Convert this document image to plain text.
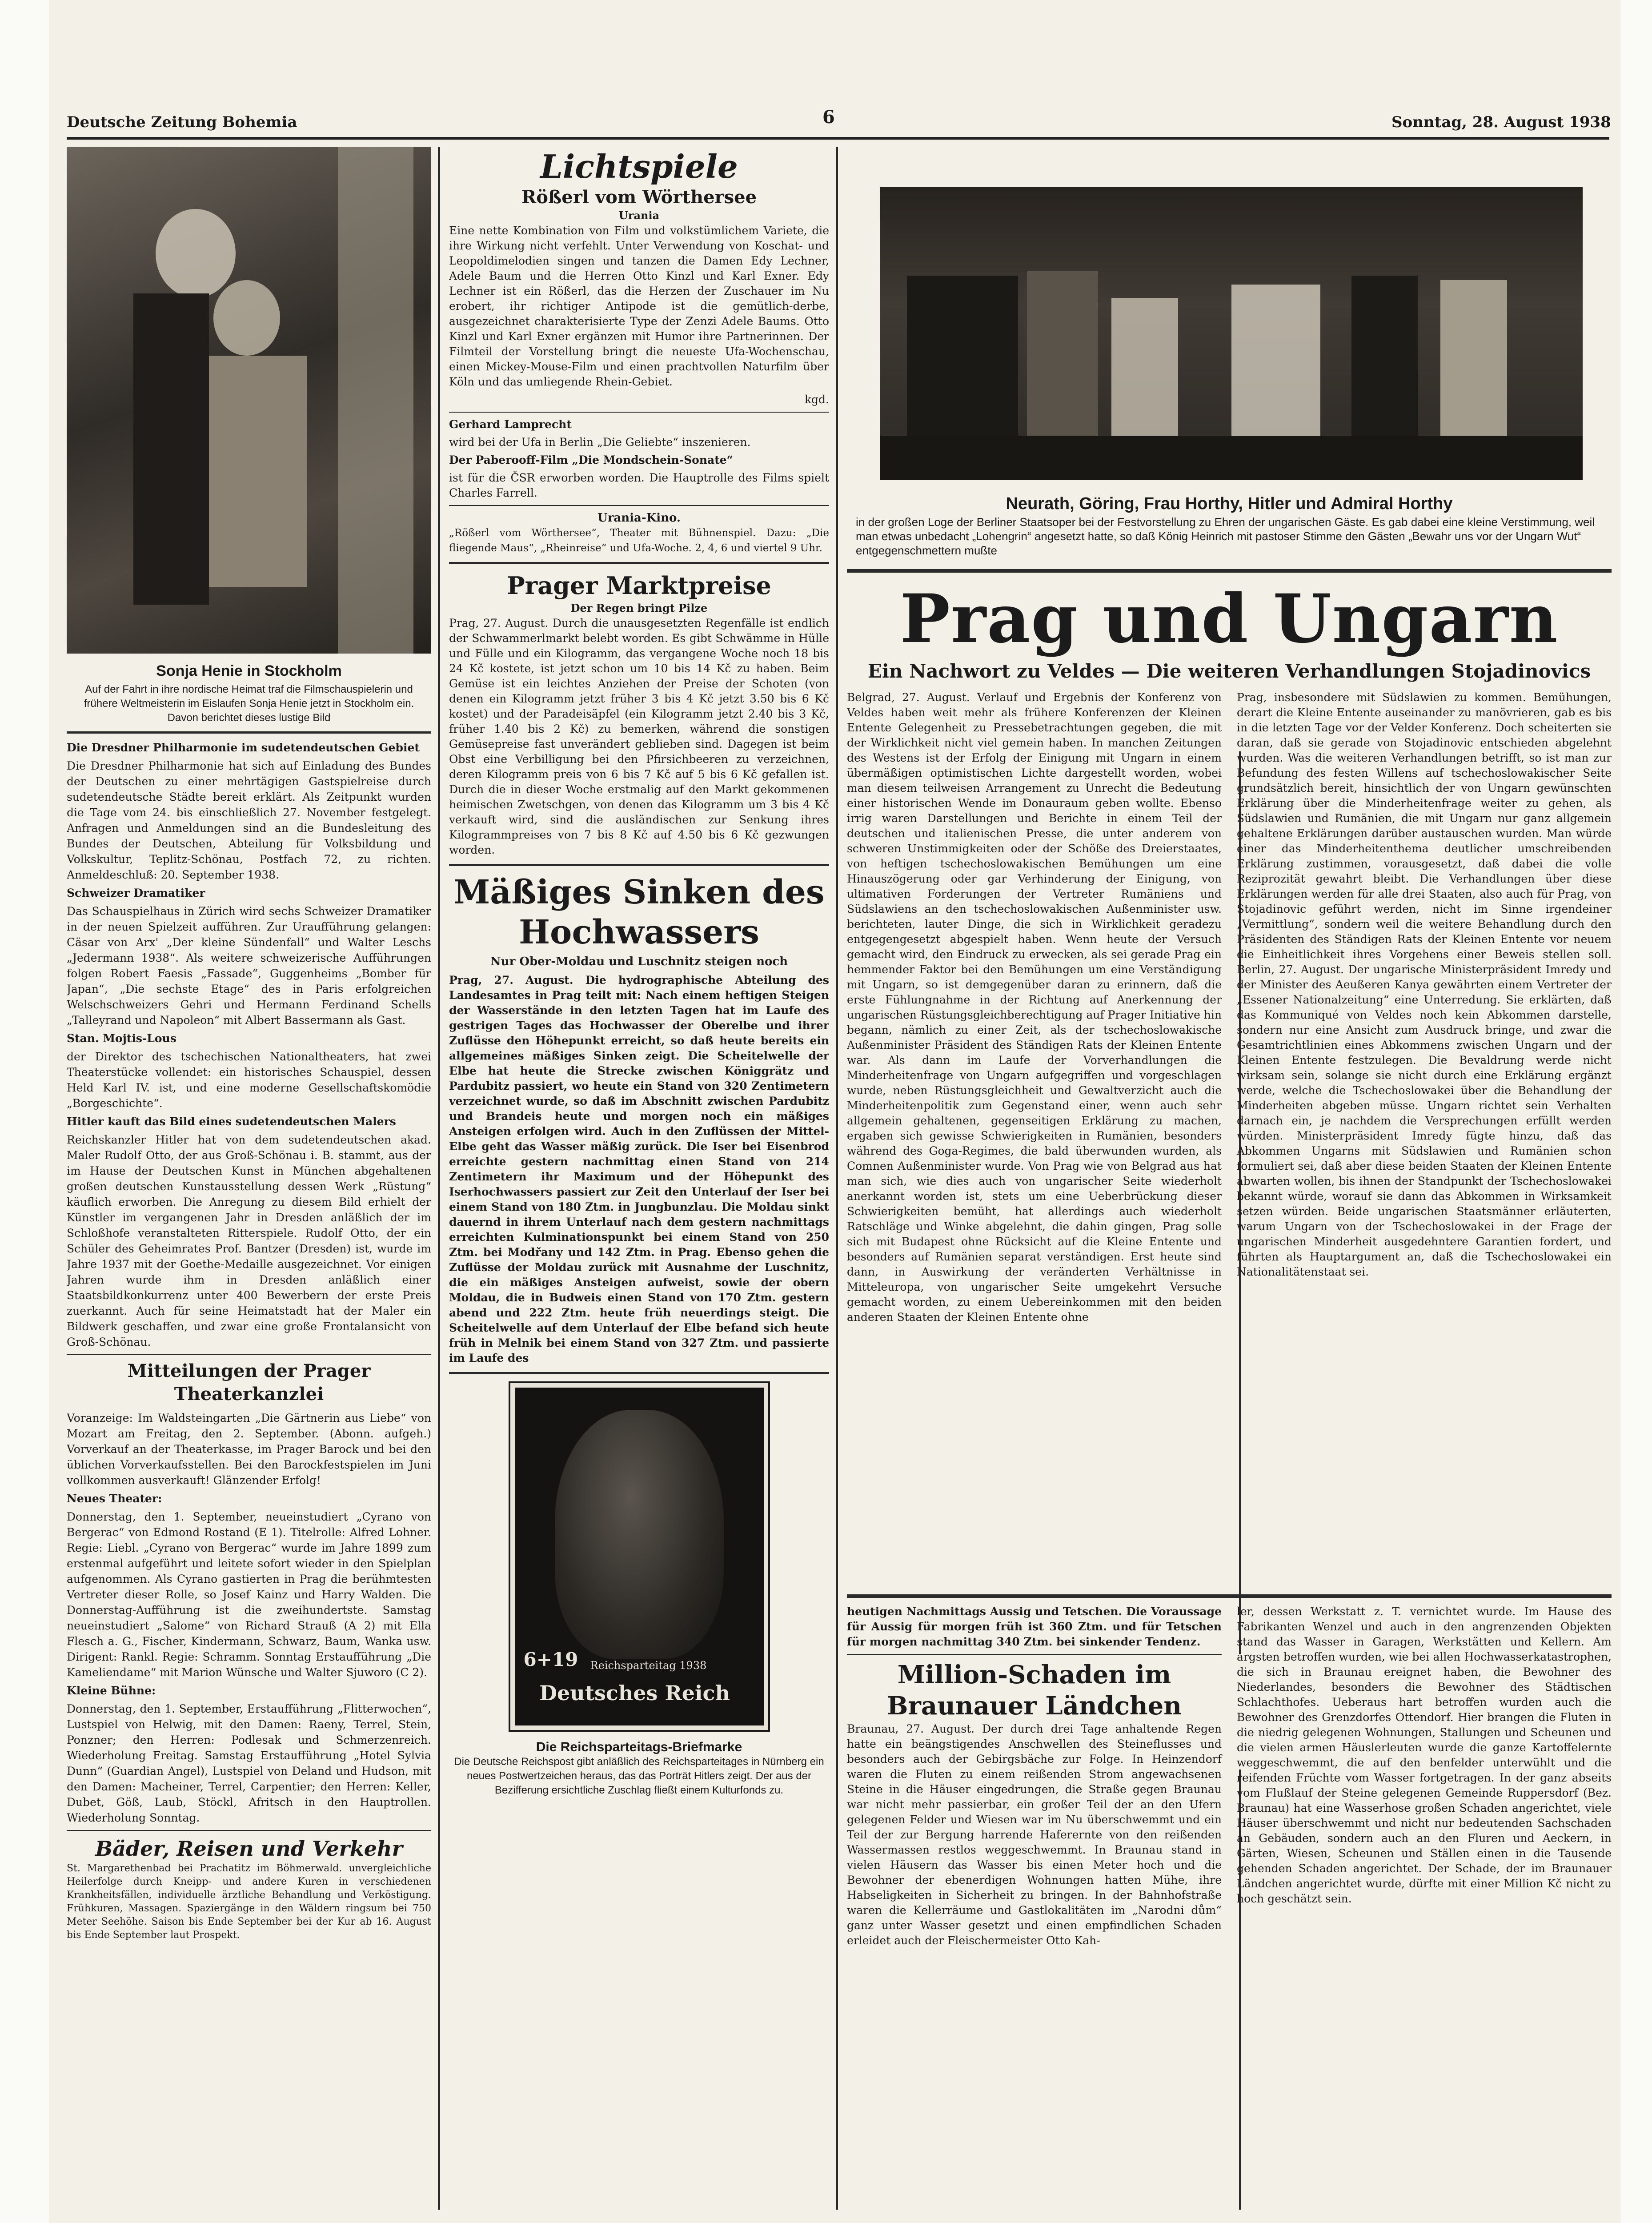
Deutsche Zeitung Bohemia	6	Sonntag, 28. August 1938
Sonja Henie in Stockholm
Auf der Fahrt in ihre nordische Heimat traf die Filmschauspielerin und frühere Weltmeisterin im Eislaufen Sonja Henie jetzt in Stockholm ein. Davon berichtet dieses lustige Bild

Die Dresdner Philharmonie im sudetendeutschen Gebiet

Die Dresdner Philharmonie hat sich auf Einladung des Bundes der Deutschen zu einer mehrtägigen Gastspielreise durch sudetendeutsche Städte bereit erklärt. Als Zeitpunkt wurden die Tage vom 24. bis einschließlich 27. November festgelegt. Anfragen und Anmeldungen sind an die Bundesleitung des Bundes der Deutschen, Abteilung für Volksbildung und Volkskultur, Teplitz-Schönau, Postfach 72, zu richten. Anmeldeschluß: 20. September 1938.

Schweizer Dramatiker

Das Schauspielhaus in Zürich wird sechs Schweizer Dramatiker in der neuen Spielzeit aufführen. Zur Uraufführung gelangen: Cäsar von Arx' „Der kleine Sündenfall“ und Walter Leschs „Jedermann 1938“. Als weitere schweizerische Aufführungen folgen Robert Faesis „Fassade“, Guggenheims „Bomber für Japan“, „Die sechste Etage“ des in Paris erfolgreichen Welschschweizers Gehri und Hermann Ferdinand Schells „Talleyrand und Napoleon“ mit Albert Bassermann als Gast.

Stan. Mojtis-Lous

der Direktor des tschechischen Nationaltheaters, hat zwei Theaterstücke vollendet: ein historisches Schauspiel, dessen Held Karl IV. ist, und eine moderne Gesellschaftskomödie „Borgeschichte“.

Hitler kauft das Bild eines sudetendeutschen Malers

Reichskanzler Hitler hat von dem sudetendeutschen akad. Maler Rudolf Otto, der aus Groß-Schönau i. B. stammt, aus der im Hause der Deutschen Kunst in München abgehaltenen großen deutschen Kunstausstellung dessen Werk „Rüstung“ käuflich erworben. Die Anregung zu diesem Bild erhielt der Künstler im vergangenen Jahr in Dresden anläßlich der im Schloßhofe veranstalteten Ritterspiele. Rudolf Otto, der ein Schüler des Geheimrates Prof. Bantzer (Dresden) ist, wurde im Jahre 1937 mit der Goethe-Medaille ausgezeichnet. Vor einigen Jahren wurde ihm in Dresden anläßlich einer Staatsbildkonkurrenz unter 400 Bewerbern der erste Preis zuerkannt. Auch für seine Heimatstadt hat der Maler ein Bildwerk geschaffen, und zwar eine große Frontalansicht von Groß-Schönau.

Mitteilungen der Prager Theaterkanzlei

Voranzeige: Im Waldsteingarten „Die Gärtnerin aus Liebe“ von Mozart am Freitag, den 2. September. (Abonn. aufgeh.) Vorverkauf an der Theaterkasse, im Prager Barock und bei den üblichen Vorverkaufsstellen. Bei den Barockfestspielen im Juni vollkommen ausverkauft! Glänzender Erfolg!

Neues Theater:

Donnerstag, den 1. September, neueinstudiert „Cyrano von Bergerac“ von Edmond Rostand (E 1). Titelrolle: Alfred Lohner. Regie: Liebl. „Cyrano von Bergerac“ wurde im Jahre 1899 zum erstenmal aufgeführt und leitete sofort wieder in den Spielplan aufgenommen. Als Cyrano gastierten in Prag die berühmtesten Vertreter dieser Rolle, so Josef Kainz und Harry Walden. Die Donnerstag-Aufführung ist die zweihundertste. Samstag neueinstudiert „Salome“ von Richard Strauß (A 2) mit Ella Flesch a. G., Fischer, Kindermann, Schwarz, Baum, Wanka usw. Dirigent: Rankl. Regie: Schramm. Sonntag Erstaufführung „Die Kameliendame“ mit Marion Wünsche und Walter Sjuworo (C 2).

Kleine Bühne:

Donnerstag, den 1. September, Erstaufführung „Flitterwochen“, Lustspiel von Helwig, mit den Damen: Raeny, Terrel, Stein, Ponzner; den Herren: Podlesak und Schmerzenreich. Wiederholung Freitag. Samstag Erstaufführung „Hotel Sylvia Dunn“ (Guardian Angel), Lustspiel von Deland und Hudson, mit den Damen: Macheiner, Terrel, Carpentier; den Herren: Keller, Dubet, Göß, Laub, Stöckl, Afritsch in den Hauptrollen. Wiederholung Sonntag.

Bäder, Reisen und Verkehr

St. Margarethenbad bei Prachatitz im Böhmerwald. unvergleichliche Heilerfolge durch Kneipp- und andere Kuren in verschiedenen Krankheitsfällen, individuelle ärztliche Behandlung und Verköstigung. Frühkuren, Massagen. Spaziergänge in den Wäldern ringsum bei 750 Meter Seehöhe. Saison bis Ende September bei der Kur ab 16. August bis Ende September laut Prospekt.

Lichtspiele
Rößerl vom Wörthersee
Urania

Eine nette Kombination von Film und volkstümlichem Variete, die ihre Wirkung nicht verfehlt. Unter Verwendung von Koschat- und Leopoldimelodien singen und tanzen die Damen Edy Lechner, Adele Baum und die Herren Otto Kinzl und Karl Exner. Edy Lechner ist ein Rößerl, das die Herzen der Zuschauer im Nu erobert, ihr richtiger Antipode ist die gemütlich-derbe, ausgezeichnet charakterisierte Type der Zenzi Adele Baums. Otto Kinzl und Karl Exner ergänzen mit Humor ihre Partnerinnen. Der Filmteil der Vorstellung bringt die neueste Ufa-Wochenschau, einen Mickey-Mouse-Film und einen prachtvollen Naturfilm über Köln und das umliegende Rhein-Gebiet.

kgd.

Gerhard Lamprecht

wird bei der Ufa in Berlin „Die Geliebte“ inszenieren.

Der Paberooff-Film „Die Mondschein-Sonate“

ist für die ČSR erworben worden. Die Hauptrolle des Films spielt Charles Farrell.

Urania-Kino.

„Rößerl vom Wörthersee“, Theater mit Bühnenspiel. Dazu: „Die fliegende Maus“, „Rheinreise“ und Ufa-Woche. 2, 4, 6 und viertel 9 Uhr.

Prager Marktpreise
Der Regen bringt Pilze

Prag, 27. August. Durch die unausgesetzten Regenfälle ist endlich der Schwammerlmarkt belebt worden. Es gibt Schwämme in Hülle und Fülle und ein Kilogramm, das vergangene Woche noch 18 bis 24 Kč kostete, ist jetzt schon um 10 bis 14 Kč zu haben. Beim Gemüse ist ein leichtes Anziehen der Preise der Schoten (von denen ein Kilogramm jetzt früher 3 bis 4 Kč jetzt 3.50 bis 6 Kč kostet) und der Paradeisäpfel (ein Kilogramm jetzt 2.40 bis 3 Kč, früher 1.40 bis 2 Kč) zu bemerken, während die sonstigen Gemüsepreise fast unverändert geblieben sind. Dagegen ist beim Obst eine Verbilligung bei den Pfirsichbeeren zu verzeichnen, deren Kilogramm preis von 6 bis 7 Kč auf 5 bis 6 Kč gefallen ist. Durch die in dieser Woche erstmalig auf den Markt gekommenen heimischen Zwetschgen, von denen das Kilogramm um 3 bis 4 Kč verkauft wird, sind die ausländischen zur Senkung ihres Kilogrammpreises von 7 bis 8 Kč auf 4.50 bis 6 Kč gezwungen worden.

Mäßiges Sinken des Hochwassers
Nur Ober-Moldau und Luschnitz steigen noch

Prag, 27. August. Die hydrographische Abteilung des Landesamtes in Prag teilt mit: Nach einem heftigen Steigen der Wasserstände in den letzten Tagen hat im Laufe des gestrigen Tages das Hochwasser der Oberelbe und ihrer Zuflüsse den Höhepunkt erreicht, so daß heute bereits ein allgemeines mäßiges Sinken zeigt. Die Scheitelwelle der Elbe hat heute die Strecke zwischen Königgrätz und Pardubitz passiert, wo heute ein Stand von 320 Zentimetern verzeichnet wurde, so daß im Abschnitt zwischen Pardubitz und Brandeis heute und morgen noch ein mäßiges Ansteigen erfolgen wird. Auch in den Zuflüssen der Mittel-Elbe geht das Wasser mäßig zurück. Die Iser bei Eisenbrod erreichte gestern nachmittag einen Stand von 214 Zentimetern ihr Maximum und der Höhepunkt des Iserhochwassers passiert zur Zeit den Unterlauf der Iser bei einem Stand von 180 Ztm. in Jungbunzlau. Die Moldau sinkt dauernd in ihrem Unterlauf nach dem gestern nachmittags erreichten Kulminationspunkt bei einem Stand von 250 Ztm. bei Modřany und 142 Ztm. in Prag. Ebenso gehen die Zuflüsse der Moldau zurück mit Ausnahme der Luschnitz, die ein mäßiges Ansteigen aufweist, sowie der obern Moldau, die in Budweis einen Stand von 170 Ztm. gestern abend und 222 Ztm. heute früh neuerdings steigt. Die Scheitelwelle auf dem Unterlauf der Elbe befand sich heute früh in Melnik bei einem Stand von 327 Ztm. und passierte im Laufe des

6+19 Reichsparteitag 1938
Deutsches Reich
Die Reichsparteitags-Briefmarke
Die Deutsche Reichspost gibt anläßlich des Reichsparteitages in Nürnberg ein neues Postwertzeichen heraus, das das Porträt Hitlers zeigt. Der aus der Bezifferung ersichtliche Zuschlag fließt einem Kulturfonds zu.
Neurath, Göring, Frau Horthy, Hitler und Admiral Horthy
in der großen Loge der Berliner Staatsoper bei der Festvorstellung zu Ehren der ungarischen Gäste. Es gab dabei eine kleine Verstimmung, weil man etwas unbedacht „Lohengrin“ angesetzt hatte, so daß König Heinrich mit pastoser Stimme den Gästen „Bewahr uns vor der Ungarn Wut“ entgegenschmettern mußte
Prag und Ungarn
Ein Nachwort zu Veldes — Die weiteren Verhandlungen Stojadinovics

Belgrad, 27. August. Verlauf und Ergebnis der Konferenz von Veldes haben weit mehr als frühere Konferenzen der Kleinen Entente Gelegenheit zu Pressebetrachtungen gegeben, die mit der Wirklichkeit nicht viel gemein haben. In manchen Zeitungen des Westens ist der Erfolg der Einigung mit Ungarn in einem übermäßigen optimistischen Lichte dargestellt worden, wobei man diesem teilweisen Arrangement zu Unrecht die Bedeutung einer historischen Wende im Donauraum geben wollte. Ebenso irrig waren Darstellungen und Berichte in einem Teil der deutschen und italienischen Presse, die unter anderem von schweren Unstimmigkeiten oder der Schöße des Dreierstaates, von heftigen tschechoslowakischen Bemühungen um eine Hinauszögerung oder gar Verhinderung der Einigung, von ultimativen Forderungen der Vertreter Rumäniens und Südslawiens an den tschechoslowakischen Außenminister usw. berichteten, lauter Dinge, die sich in Wirklichkeit geradezu entgegengesetzt abgespielt haben. Wenn heute der Versuch gemacht wird, den Eindruck zu erwecken, als sei gerade Prag ein hemmender Faktor bei den Bemühungen um eine Verständigung mit Ungarn, so ist demgegenüber daran zu erinnern, daß die erste Fühlungnahme in der Richtung auf Anerkennung der ungarischen Rüstungsgleichberechtigung auf Prager Initiative hin begann, nämlich zu einer Zeit, als der tschechoslowakische Außenminister Präsident des Ständigen Rats der Kleinen Entente war. Als dann im Laufe der Vorverhandlungen die Minderheitenfrage von Ungarn aufgegriffen und vorgeschlagen wurde, neben Rüstungsgleichheit und Gewaltverzicht auch die Minderheitenpolitik zum Gegenstand einer, wenn auch sehr allgemein gehaltenen, gegenseitigen Erklärung zu machen, ergaben sich gewisse Schwierigkeiten in Rumänien, besonders während des Goga-Regimes, die bald überwunden wurden, als Comnen Außenminister wurde. Von Prag wie von Belgrad aus hat man sich, wie dies auch von ungarischer Seite wiederholt anerkannt worden ist, stets um eine Ueberbrückung dieser Schwierigkeiten bemüht, hat allerdings auch wiederholt Ratschläge und Winke abgelehnt, die dahin gingen, Prag solle sich mit Budapest ohne Rücksicht auf die Kleine Entente und besonders auf Rumänien separat verständigen. Erst heute sind dann, in Auswirkung der veränderten Verhältnisse in Mitteleuropa, von ungarischer Seite umgekehrt Versuche gemacht worden, zu einem Uebereinkommen mit den beiden anderen Staaten der Kleinen Entente ohne

Prag, insbesondere mit Südslawien zu kommen. Bemühungen, derart die Kleine Entente auseinander zu manövrieren, gab es bis in die letzten Tage vor der Velder Konferenz. Doch scheiterten sie daran, daß sie gerade von Stojadinovic entschieden abgelehnt wurden. Was die weiteren Verhandlungen betrifft, so ist man zur Befundung des festen Willens auf tschechoslowakischer Seite grundsätzlich bereit, hinsichtlich der von Ungarn gewünschten Erklärung über die Minderheitenfrage weiter zu gehen, als Südslawien und Rumänien, die mit Ungarn nur ganz allgemein gehaltene Erklärungen darüber austauschen wurden. Man würde einer das Minderheitenthema deutlicher umschreibenden Erklärung zustimmen, vorausgesetzt, daß dabei die volle Reziprozität gewahrt bleibt. Die Verhandlungen über diese Erklärungen werden für alle drei Staaten, also auch für Prag, von Stojadinovic geführt werden, nicht im Sinne irgendeiner „Vermittlung“, sondern weil die weitere Behandlung durch den Präsidenten des Ständigen Rats der Kleinen Entente vor neuem die Einheitlichkeit ihres Vorgehens einer Beweis stellen soll. Berlin, 27. August. Der ungarische Ministerpräsident Imredy und der Minister des Aeußeren Kanya gewährten einem Vertreter der „Essener Nationalzeitung“ eine Unterredung. Sie erklärten, daß das Kommuniqué von Veldes noch kein Abkommen darstelle, sondern nur eine Ansicht zum Ausdruck bringe, und zwar die Gesamtrichtlinien eines Abkommens zwischen Ungarn und der Kleinen Entente festzulegen. Die Bevaldrung werde nicht wirksam sein, solange sie nicht durch eine Erklärung ergänzt werde, welche die Tschechoslowakei über die Behandlung der Minderheiten abgeben müsse. Ungarn richtet sein Verhalten darnach ein, je nachdem die Versprechungen erfüllt werden würden. Ministerpräsident Imredy fügte hinzu, daß das Abkommen Ungarns mit Südslawien und Rumänien schon formuliert sei, daß aber diese beiden Staaten der Kleinen Entente abwarten wollen, bis ihnen der Standpunkt der Tschechoslowakei bekannt würde, worauf sie dann das Abkommen in Wirksamkeit setzen würden. Beide ungarischen Staatsmänner erläuterten, warum Ungarn von der Tschechoslowakei in der Frage der ungarischen Minderheit ausgedehntere Garantien fordert, und führten als Hauptargument an, daß die Tschechoslowakei ein Nationalitätenstaat sei.

heutigen Nachmittags Aussig und Tetschen. Die Voraussage für Aussig für morgen früh ist 360 Ztm. und für Tetschen für morgen nachmittag 340 Ztm. bei sinkender Tendenz.

Million-Schaden im Braunauer Ländchen

Braunau, 27. August. Der durch drei Tage anhaltende Regen hatte ein beängstigendes Anschwellen des Steineflusses und besonders auch der Gebirgsbäche zur Folge. In Heinzendorf waren die Fluten zu einem reißenden Strom angewachsenen Steine in die Häuser eingedrungen, die Straße gegen Braunau war nicht mehr passierbar, ein großer Teil der an den Ufern gelegenen Felder und Wiesen war im Nu überschwemmt und ein Teil der zur Bergung harrende Haferernte von den reißenden Wassermassen restlos weggeschwemmt. In Braunau stand in vielen Häusern das Wasser bis einen Meter hoch und die Bewohner der ebenerdigen Wohnungen hatten Mühe, ihre Habseligkeiten in Sicherheit zu bringen. In der Bahnhofstraße waren die Kellerräume und Gastlokalitäten im „Narodni dům“ ganz unter Wasser gesetzt und einen empfindlichen Schaden erleidet auch der Fleischermeister Otto Kah-

ler, dessen Werkstatt z. T. vernichtet wurde. Im Hause des Fabrikanten Wenzel und auch in den angrenzenden Objekten stand das Wasser in Garagen, Werkstätten und Kellern. Am argsten betroffen wurden, wie bei allen Hochwasserkatastrophen, die sich in Braunau ereignet haben, die Bewohner des Niederlandes, besonders die Bewohner des Städtischen Schlachthofes. Ueberaus hart betroffen wurden auch die Bewohner des Grenzdorfes Ottendorf. Hier brangen die Fluten in die niedrig gelegenen Wohnungen, Stallungen und Scheunen und die vielen armen Häuslerleuten wurde die ganze Kartoffelernte weggeschwemmt, die auf den benfelder unterwühlt und die reifenden Früchte vom Wasser fortgetragen. In der ganz abseits vom Flußlauf der Steine gelegenen Gemeinde Ruppersdorf (Bez. Braunau) hat eine Wasserhose großen Schaden angerichtet, viele Häuser überschwemmt und nicht nur bedeutenden Sachschaden an Gebäuden, sondern auch an den Fluren und Aeckern, in Gärten, Wiesen, Scheunen und Ställen einen in die Tausende gehenden Schaden angerichtet. Der Schade, der im Braunauer Ländchen angerichtet wurde, dürfte mit einer Million Kč nicht zu hoch geschätzt sein.
